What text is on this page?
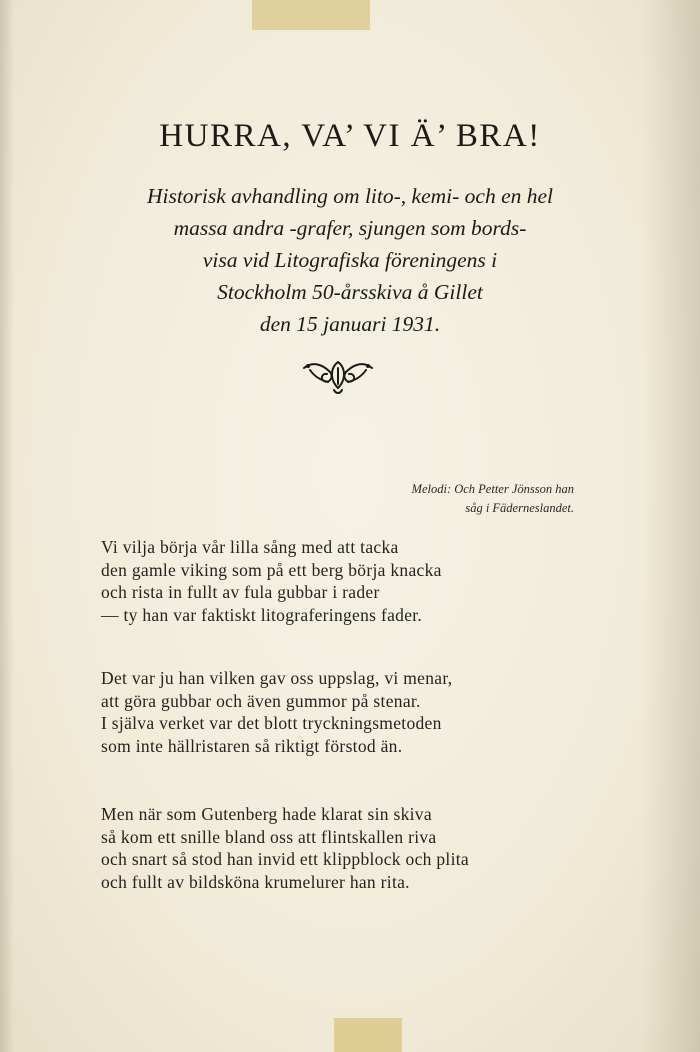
HURRA, VA’ VI Ä’ BRA!
Historisk avhandling om lito-, kemi- och en hel
massa andra -grafer, sjungen som bords-
visa vid Litografiska föreningens i
Stockholm 50-årsskiva å Gillet
den 15 januari 1931.
Melodi: Och Petter Jönsson han
såg i Fäderneslandet.
Vi vilja börja vår lilla sång med att tacka
den gamle viking som på ett berg börja knacka
och rista in fullt av fula gubbar i rader
— ty han var faktiskt litograferingens fader.
Det var ju han vilken gav oss uppslag, vi menar,
att göra gubbar och även gummor på stenar.
I själva verket var det blott tryckningsmetoden
som inte hällristaren så riktigt förstod än.
Men när som Gutenberg hade klarat sin skiva
så kom ett snille bland oss att flintskallen riva
och snart så stod han invid ett klippblock och plita
och fullt av bildsköna krumelurer han rita.
